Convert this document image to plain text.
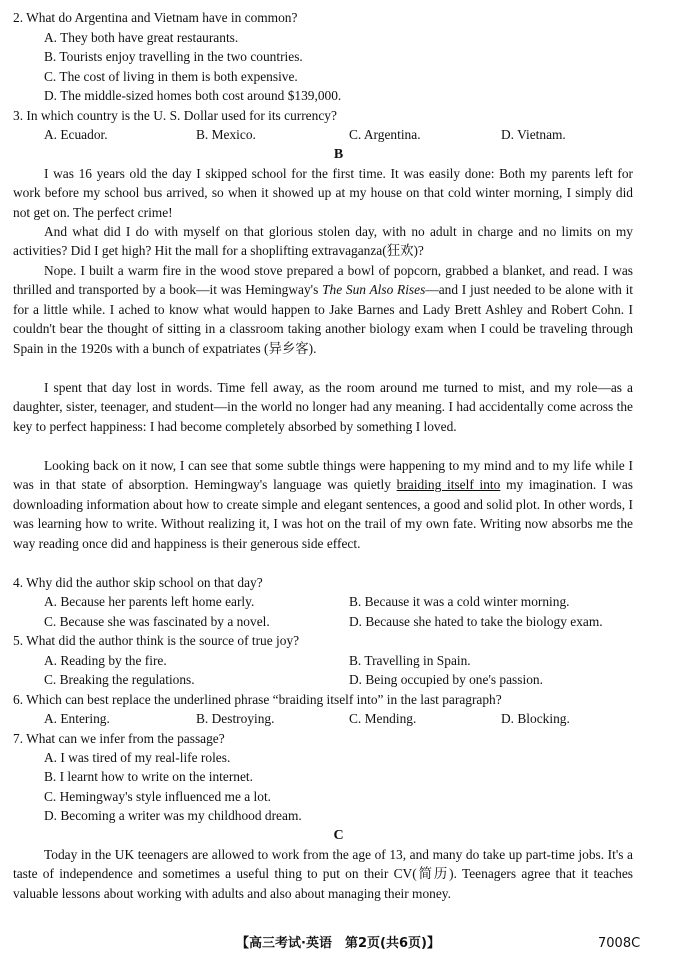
2. What do Argentina and Vietnam have in common?
A. They both have great restaurants.
B. Tourists enjoy travelling in the two countries.
C. The cost of living in them is both expensive.
D. The middle-sized homes both cost around $139,000.
3. In which country is the U. S. Dollar used for its currency?
A. Ecuador.	B. Mexico.	C. Argentina.	D. Vietnam.
B
I was 16 years old the day I skipped school for the first time. It was easily done: Both my parents left for work before my school bus arrived, so when it showed up at my house on that cold winter morning, I simply did not get on. The perfect crime!
And what did I do with myself on that glorious stolen day, with no adult in charge and no limits on my activities? Did I get high? Hit the mall for a shoplifting extravaganza(狂欢)?
Nope. I built a warm fire in the wood stove prepared a bowl of popcorn, grabbed a blanket, and read. I was thrilled and transported by a book—it was Hemingway's The Sun Also Rises—and I just needed to be alone with it for a little while. I ached to know what would happen to Jake Barnes and Lady Brett Ashley and Robert Cohn. I couldn't bear the thought of sitting in a classroom taking another biology exam when I could be traveling through Spain in the 1920s with a bunch of expatriates (异乡客).
I spent that day lost in words. Time fell away, as the room around me turned to mist, and my role—as a daughter, sister, teenager, and student—in the world no longer had any meaning. I had accidentally come across the key to perfect happiness: I had become completely absorbed by something I loved.
Looking back on it now, I can see that some subtle things were happening to my mind and to my life while I was in that state of absorption. Hemingway's language was quietly braiding itself into my imagination. I was downloading information about how to create simple and elegant sentences, a good and solid plot. In other words, I was learning how to write. Without realizing it, I was hot on the trail of my own fate. Writing now absorbs me the way reading once did and happiness is their generous side effect.
4. Why did the author skip school on that day?
A. Because her parents left home early.	B. Because it was a cold winter morning.
C. Because she was fascinated by a novel.	D. Because she hated to take the biology exam.
5. What did the author think is the source of true joy?
A. Reading by the fire.	B. Travelling in Spain.
C. Breaking the regulations.	D. Being occupied by one's passion.
6. Which can best replace the underlined phrase “braiding itself into” in the last paragraph?
A. Entering.	B. Destroying.	C. Mending.	D. Blocking.
7. What can we infer from the passage?
A. I was tired of my real-life roles.
B. I learnt how to write on the internet.
C. Hemingway's style influenced me a lot.
D. Becoming a writer was my childhood dream.
C
Today in the UK teenagers are allowed to work from the age of 13, and many do take up part-time jobs. It's a taste of independence and sometimes a useful thing to put on their CV(简历). Teenagers agree that it teaches valuable lessons about working with adults and also about managing their money.
【高三考试·英语　第2页(共6页)】	7008C
